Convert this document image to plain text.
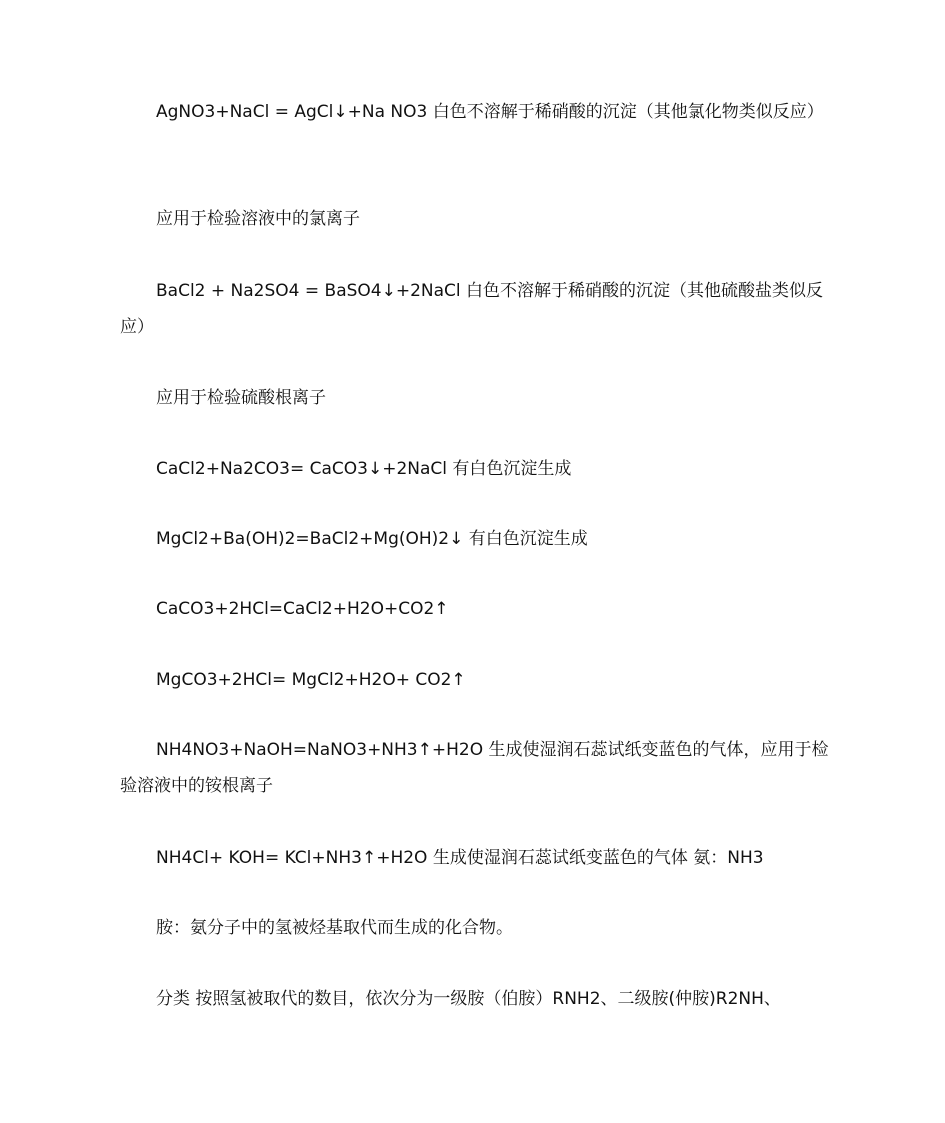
AgNO3+NaCl = AgCl↓+Na NO3 白色不溶解于稀硝酸的沉淀（其他氯化物类似反应）

应用于检验溶液中的氯离子

BaCl2 + Na2SO4 = BaSO4↓+2NaCl 白色不溶解于稀硝酸的沉淀（其他硫酸盐类似反应）

应用于检验硫酸根离子

CaCl2+Na2CO3= CaCO3↓+2NaCl 有白色沉淀生成

MgCl2+Ba(OH)2=BaCl2+Mg(OH)2↓ 有白色沉淀生成

CaCO3+2HCl=CaCl2+H2O+CO2↑

MgCO3+2HCl= MgCl2+H2O+ CO2↑

NH4NO3+NaOH=NaNO3+NH3↑+H2O 生成使湿润石蕊试纸变蓝色的气体，应用于检验溶液中的铵根离子

NH4Cl+ KOH= KCl+NH3↑+H2O 生成使湿润石蕊试纸变蓝色的气体 氨：NH3

胺：氨分子中的氢被烃基取代而生成的化合物。

分类 按照氢被取代的数目，依次分为一级胺（伯胺）RNH2、二级胺(仲胺)R2NH、
